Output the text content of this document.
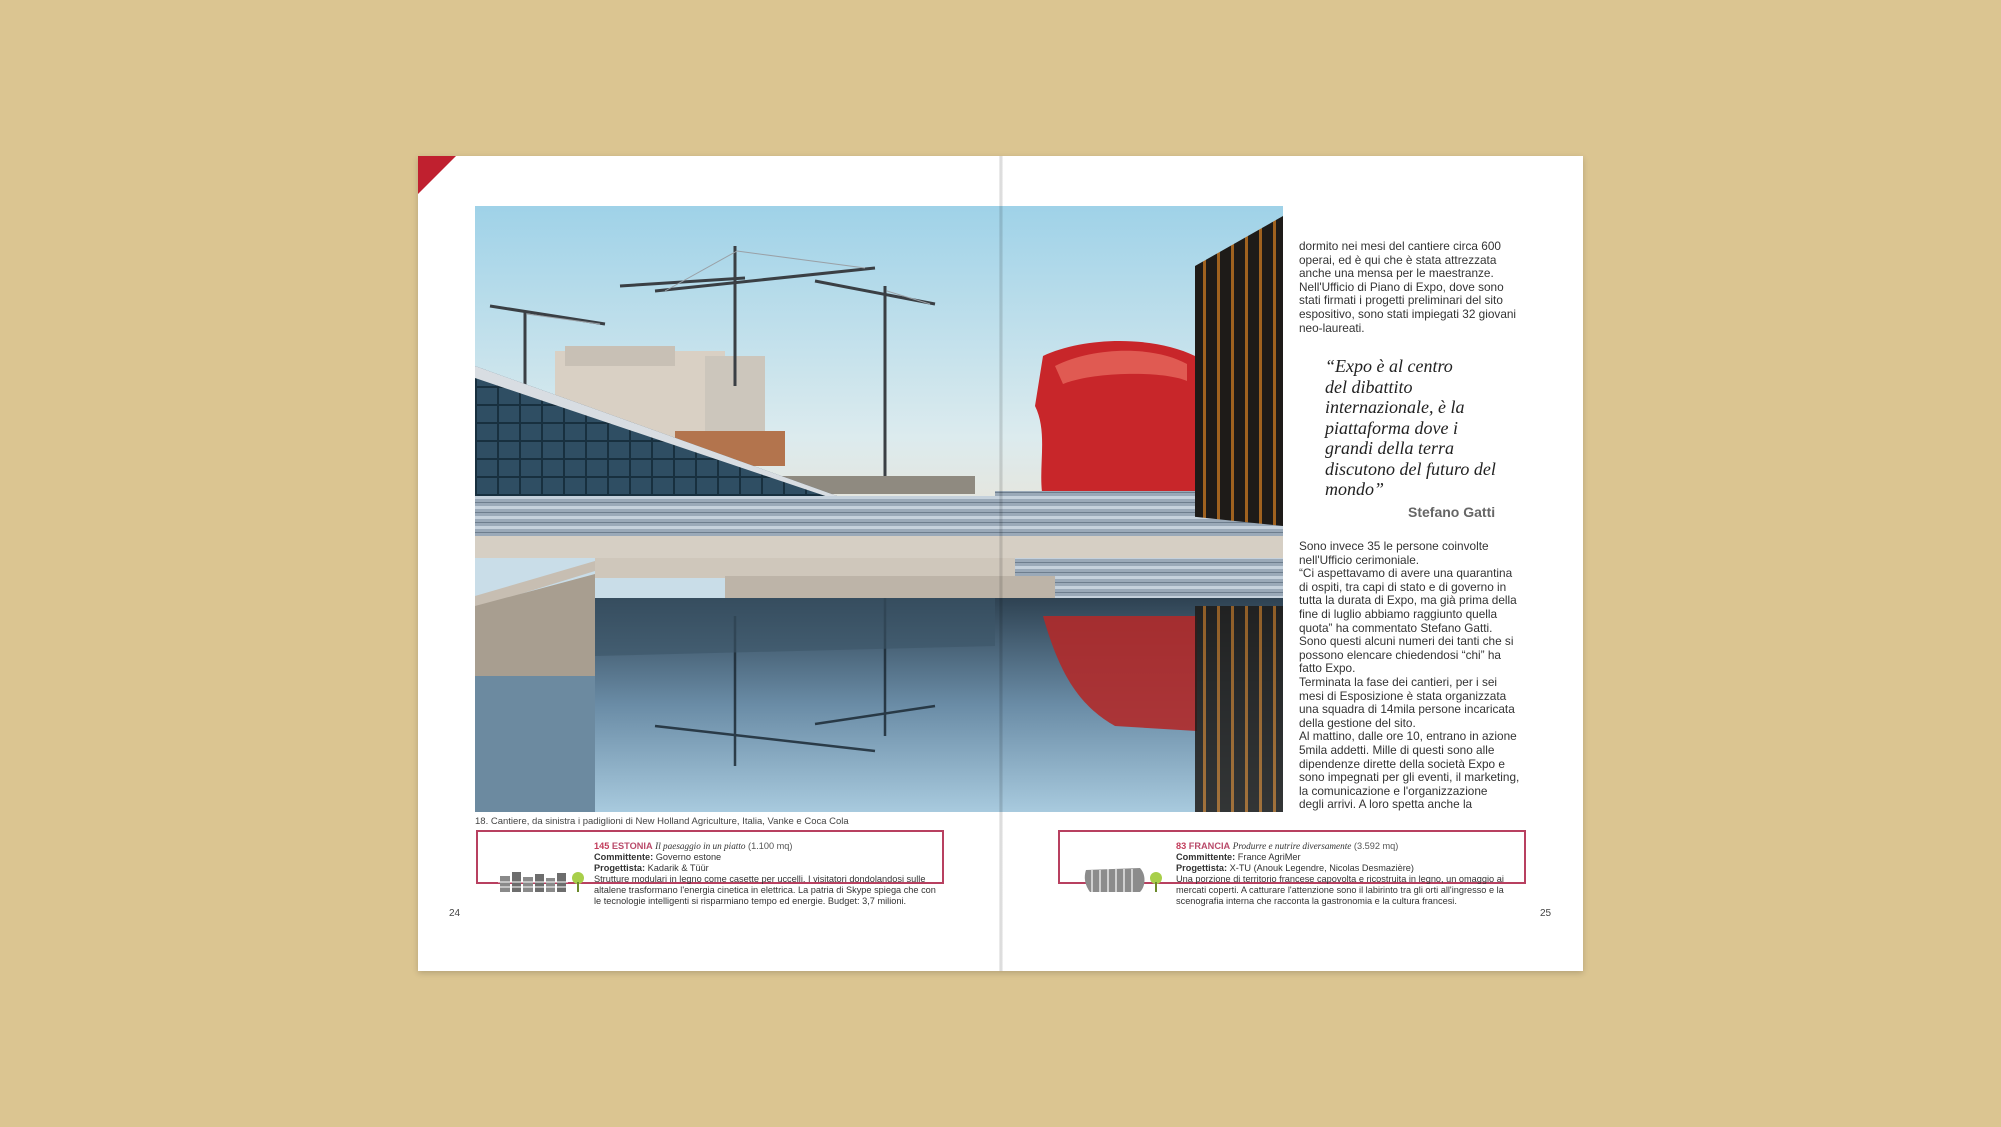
18. Cantiere, da sinistra i padiglioni di New Holland Agriculture, Italia, Vanke e Coca Cola

dormito nei mesi del cantiere circa 600

operai, ed è qui che è stata attrezzata

anche una mensa per le maestranze.

Nell'Ufficio di Piano di Expo, dove sono

stati firmati i progetti preliminari del sito

espositivo, sono stati impiegati 32 giovani

neo-laureati.

“Expo è al centro

del dibattito

internazionale, è la

piattaforma dove i

grandi della terra

discutono del futuro del

mondo”

Stefano Gatti

Sono invece 35 le persone coinvolte

nell'Ufficio cerimoniale.

“Ci aspettavamo di avere una quarantina

di ospiti, tra capi di stato e di governo in

tutta la durata di Expo, ma già prima della

fine di luglio abbiamo raggiunto quella

quota” ha commentato Stefano Gatti.

Sono questi alcuni numeri dei tanti che si

possono elencare chiedendosi “chi” ha

fatto Expo.

Terminata la fase dei cantieri, per i sei

mesi di Esposizione è stata organizzata

una squadra di 14mila persone incaricata

della gestione del sito.

Al mattino, dalle ore 10, entrano in azione

5mila addetti. Mille di questi sono alle

dipendenze dirette della società Expo e

sono impegnati per gli eventi, il marketing,

la comunicazione e l'organizzazione

degli arrivi. A loro spetta anche la

145 ESTONIA Il paesaggio in un piatto (1.100 mq)

Committente: Governo estone

Progettista: Kadarik & Tüür

Strutture modulari in legno come casette per uccelli. I visitatori dondolandosi sulle altalene trasformano l'energia cinetica in elettrica. La patria di Skype spiega che con le tecnologie intelligenti si risparmiano tempo ed energie. Budget: 3,7 milioni.

83 FRANCIA Produrre e nutrire diversamente (3.592 mq)

Committente: France AgriMer

Progettista: X-TU (Anouk Legendre, Nicolas Desmazière)

Una porzione di territorio francese capovolta e ricostruita in legno, un omaggio ai mercati coperti. A catturare l'attenzione sono il labirinto tra gli orti all'ingresso e la scenografia interna che racconta la gastronomia e la cultura francesi.

24	25
